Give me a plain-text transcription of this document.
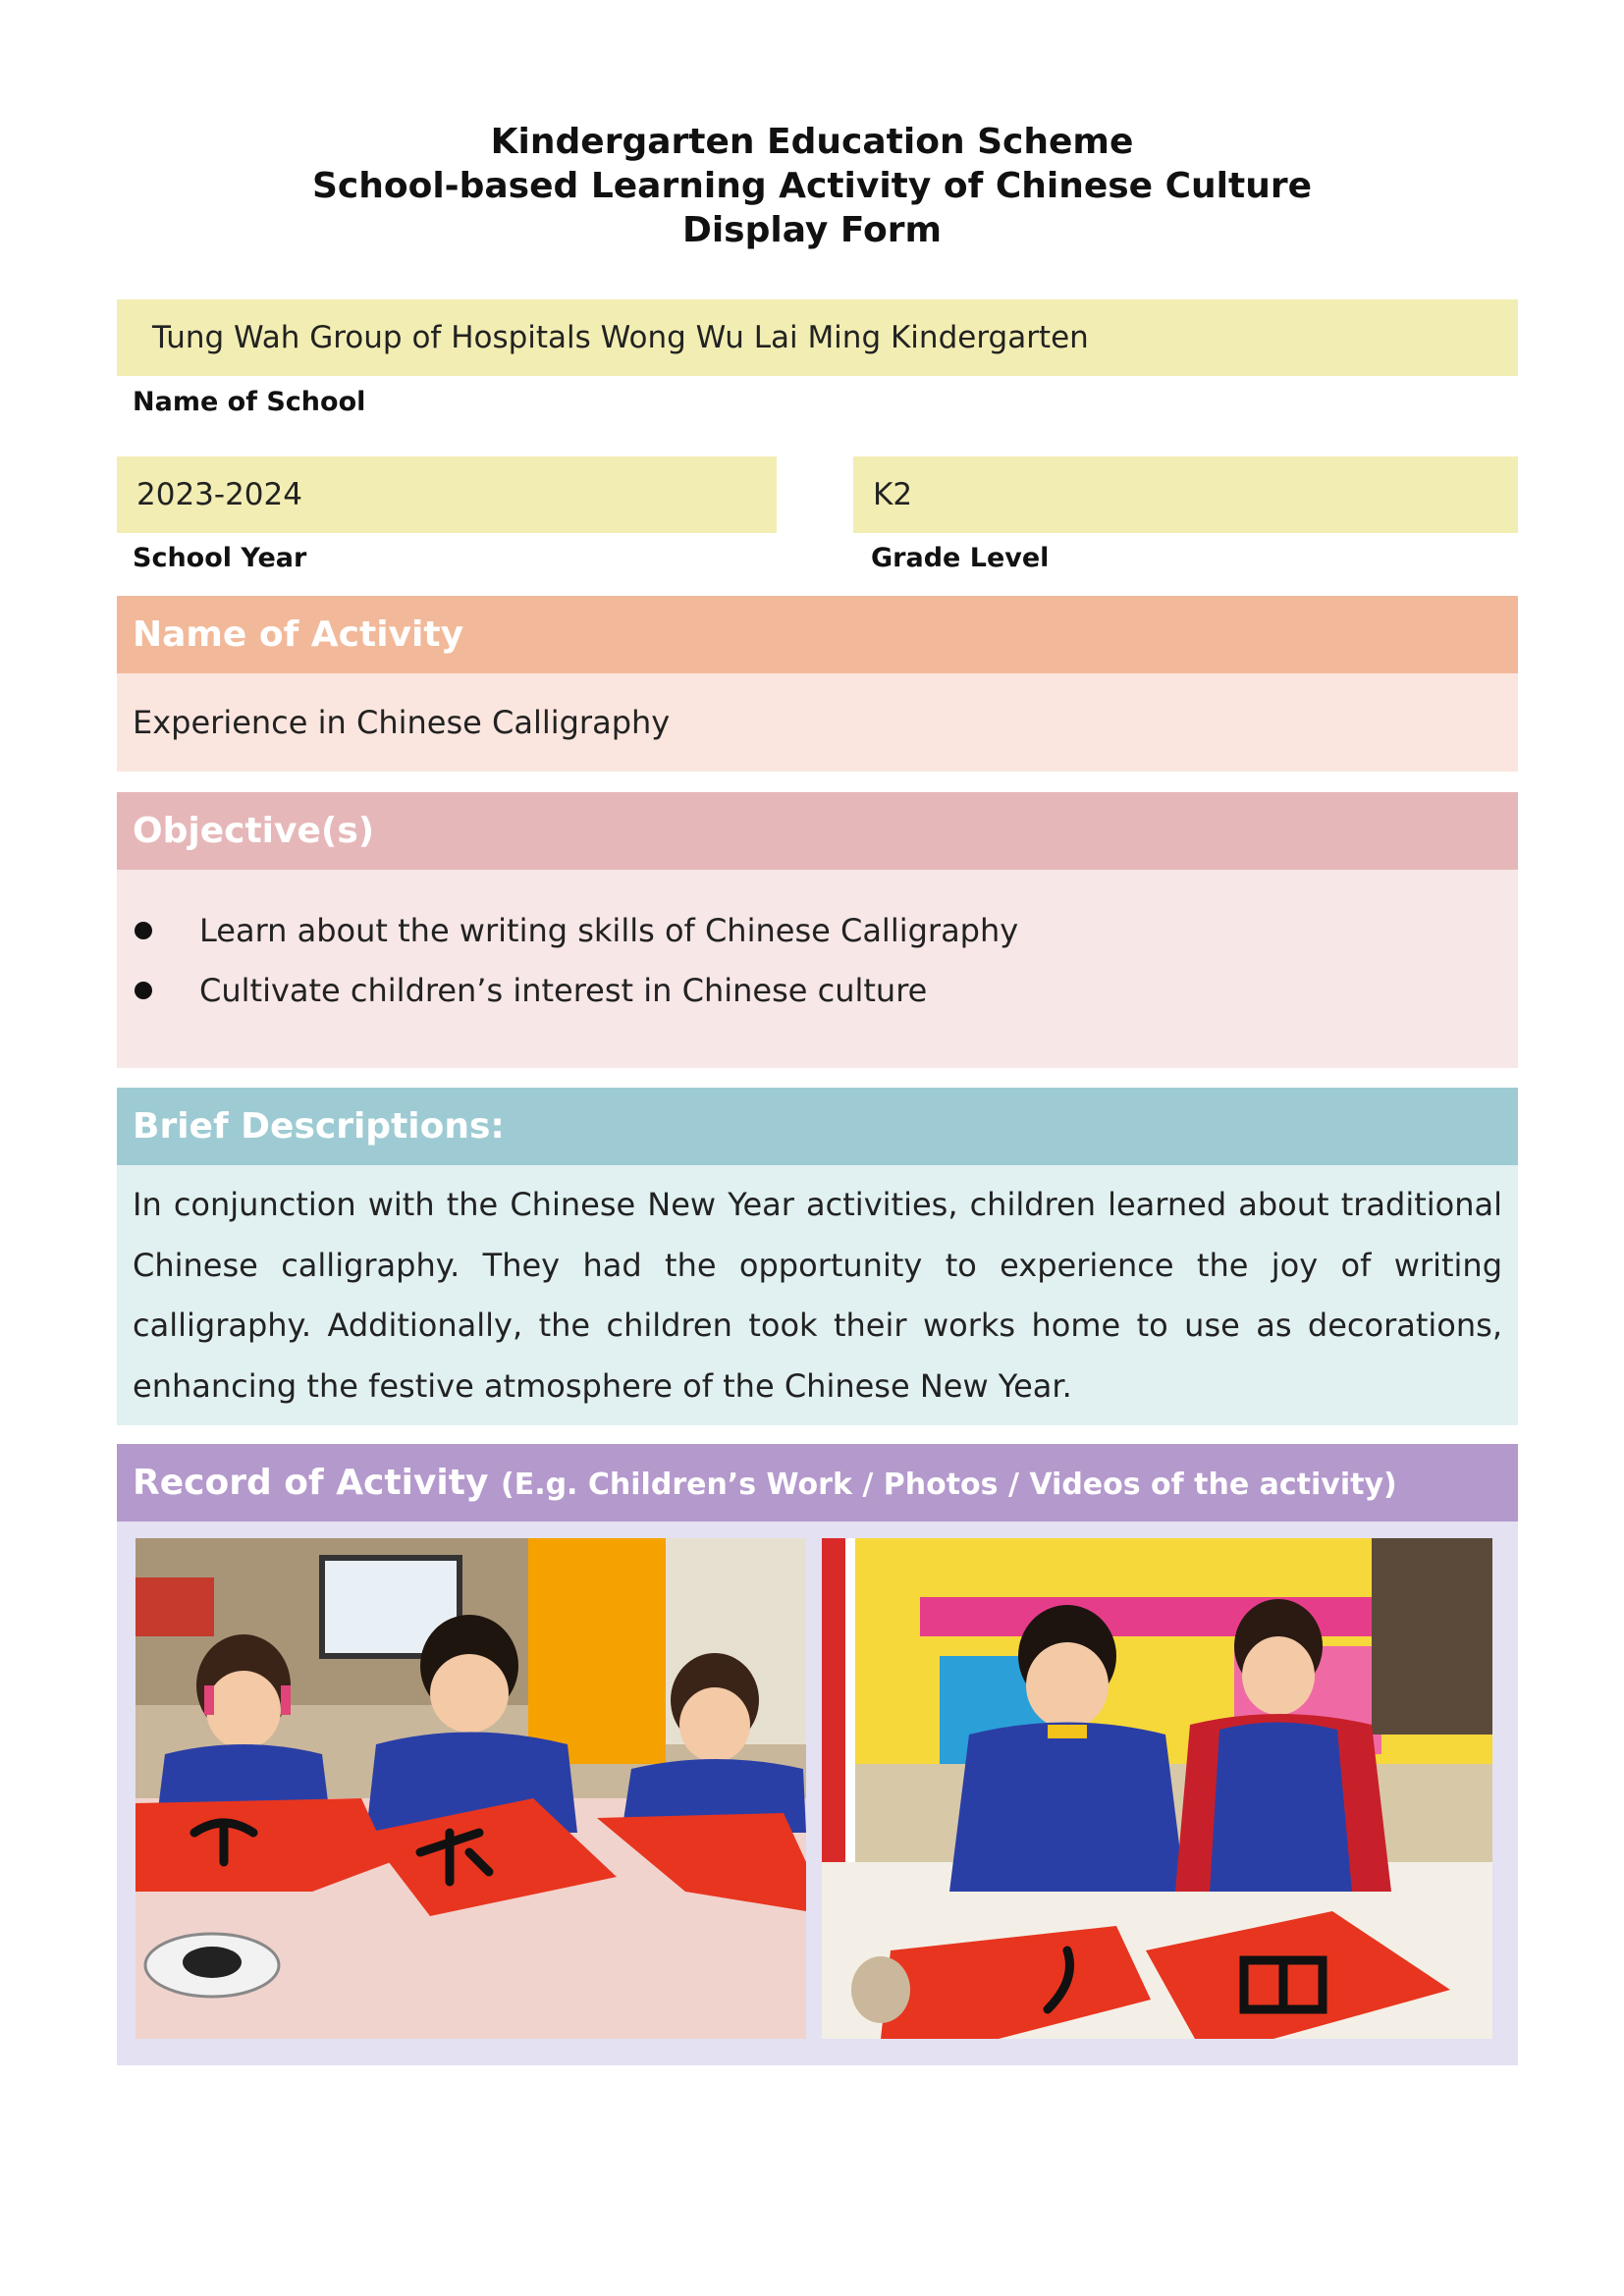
Kindergarten Education Scheme
School-based Learning Activity of Chinese Culture
Display Form
Tung Wah Group of Hospitals Wong Wu Lai Ming Kindergarten
Name of School
2023-2024
School Year
K2
Grade Level
Name of Activity
Experience in Chinese Calligraphy
Objective(s)
Learn about the writing skills of Chinese Calligraphy
Cultivate children’s interest in Chinese culture
Brief Descriptions:
In conjunction with the Chinese New Year activities, children learned about traditional Chinese calligraphy. They had the opportunity to experience the joy of writing calligraphy. Additionally, the children took their works home to use as decorations, enhancing the festive atmosphere of the Chinese New Year.
Record of Activity (E.g. Children’s Work / Photos / Videos of the activity)
